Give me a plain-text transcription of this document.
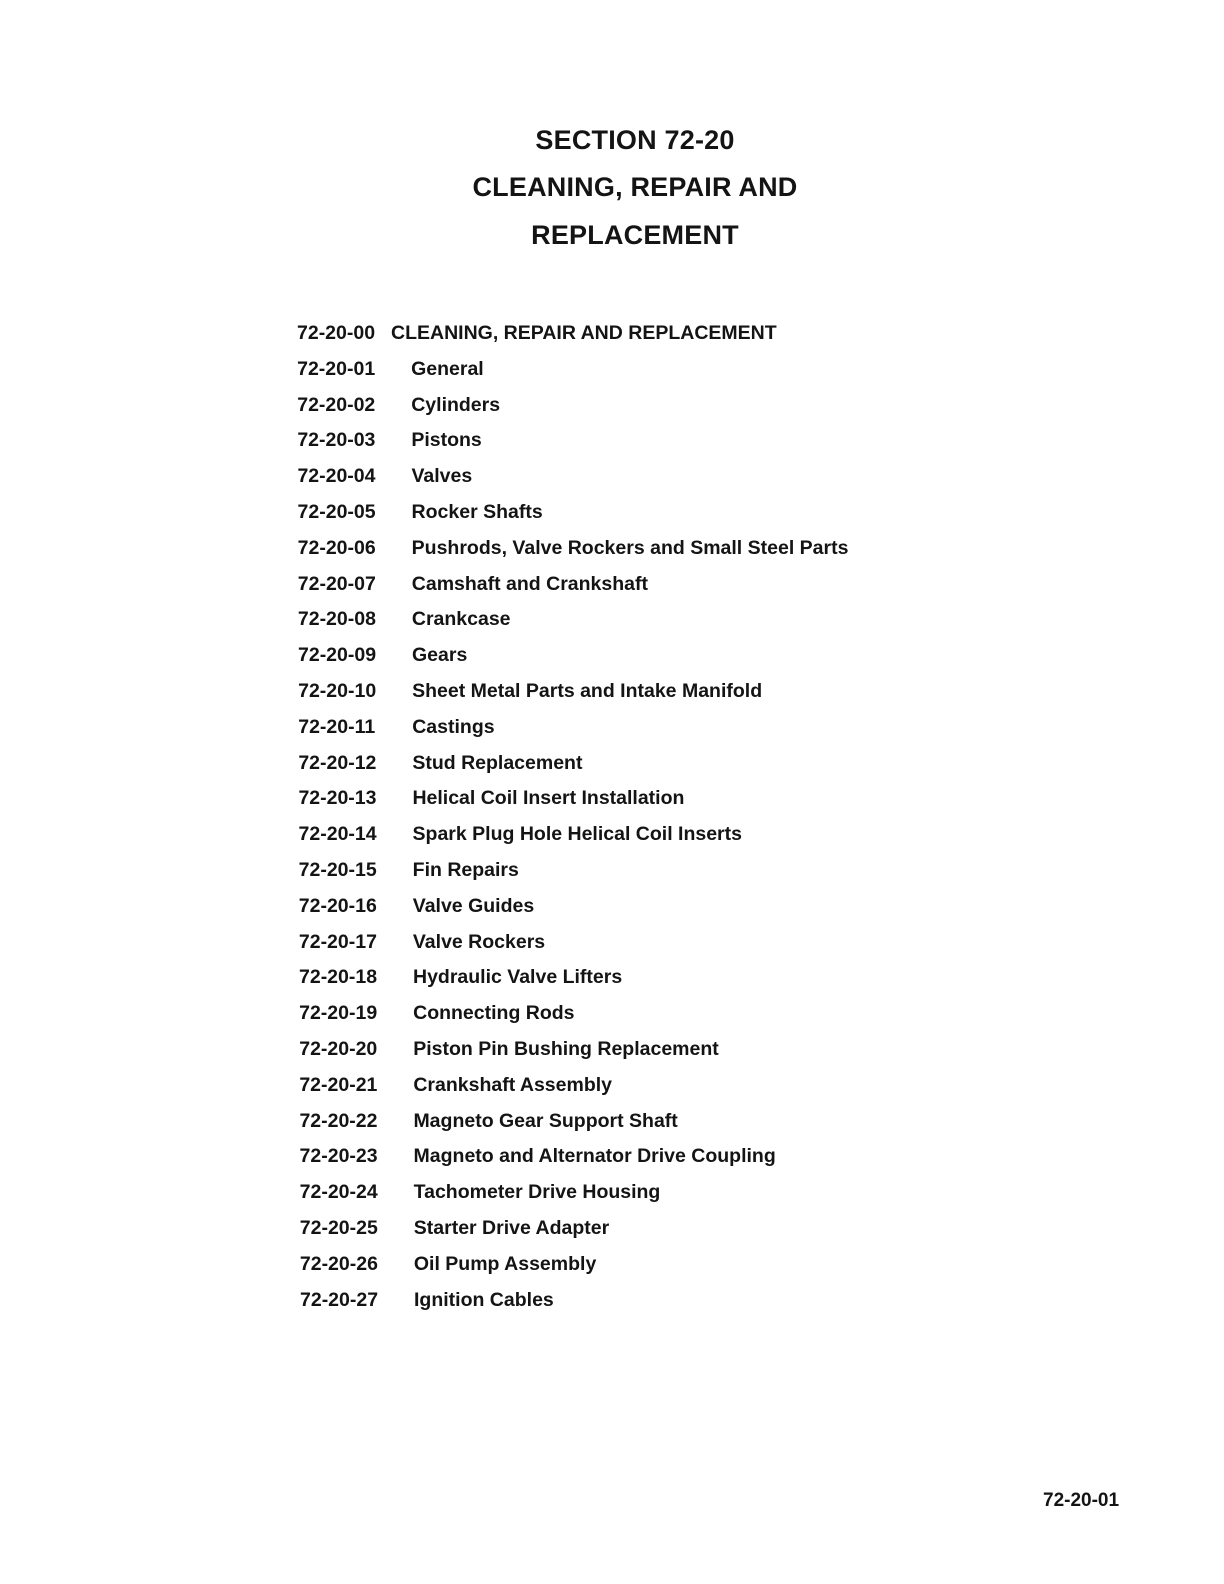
SECTION 72-20
CLEANING, REPAIR AND
REPLACEMENT
72-20-00 CLEANING, REPAIR AND REPLACEMENT
72-20-01 General
72-20-02 Cylinders
72-20-03 Pistons
72-20-04 Valves
72-20-05 Rocker Shafts
72-20-06 Pushrods, Valve Rockers and Small Steel Parts
72-20-07 Camshaft and Crankshaft
72-20-08 Crankcase
72-20-09 Gears
72-20-10 Sheet Metal Parts and Intake Manifold
72-20-11 Castings
72-20-12 Stud Replacement
72-20-13 Helical Coil Insert Installation
72-20-14 Spark Plug Hole Helical Coil Inserts
72-20-15 Fin Repairs
72-20-16 Valve Guides
72-20-17 Valve Rockers
72-20-18 Hydraulic Valve Lifters
72-20-19 Connecting Rods
72-20-20 Piston Pin Bushing Replacement
72-20-21 Crankshaft Assembly
72-20-22 Magneto Gear Support Shaft
72-20-23 Magneto and Alternator Drive Coupling
72-20-24 Tachometer Drive Housing
72-20-25 Starter Drive Adapter
72-20-26 Oil Pump Assembly
72-20-27 Ignition Cables
72-20-01
